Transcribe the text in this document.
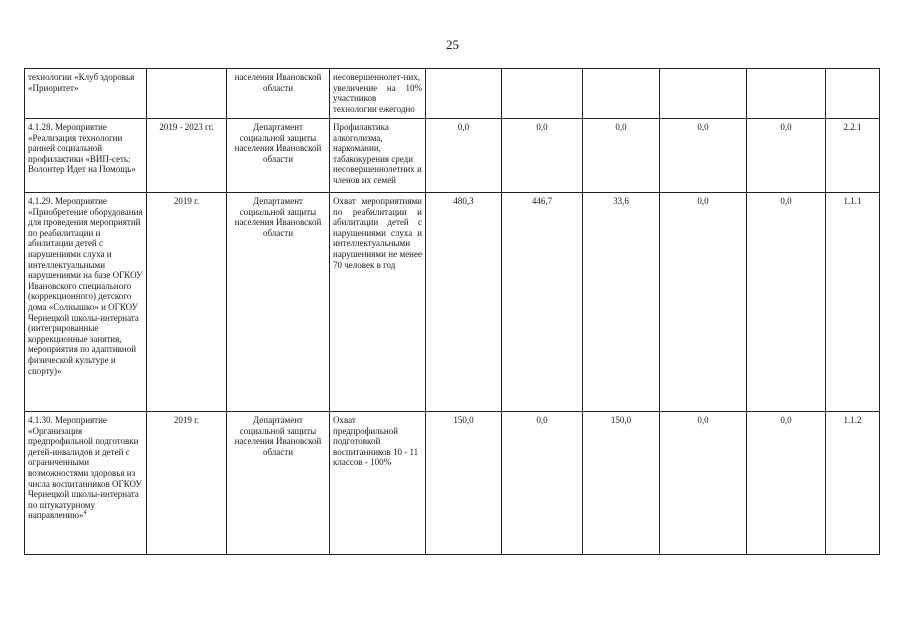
25
технологии «Клуб здоровья «Приоритет»		населения Ивановской области	несовершеннолет-них, увеличение на 10% участников технологии ежегодно						
4.1.28. Мероприятие «Реализация технологии ранней социальной профилактики «ВИП-сеть: Волонтер Идет на Помощь»	2019 - 2023 гг.	Департамент социальной защиты населения Ивановской области	Профилактика алкоголизма, наркомании, табакокурения среди несовершеннолетних и членов их семей	0,0	0,0	0,0	0,0	0,0	2.2.1
4.1.29. Мероприятие «Приобретение оборудования для проведения мероприятий по реабилитации и абилитации детей с нарушениями слуха и интеллектуальными нарушениями на базе ОГКОУ Ивановского специального (коррекционного) детского дома «Солнышко» и ОГКОУ Чернецкой школы-интерната (интегрированные коррекционные занятия, мероприятия по адаптивной физической культуре и спорту)»	2019 г.	Департамент социальной защиты населения Ивановской области	Охват мероприятиями по реабилитации и абилитации детей с нарушениями слуха и интеллектуальными нарушениями не менее 70 человек в год	480,3	446,7	33,6	0,0	0,0	1.1.1
4.1.30. Мероприятие «Организация предпрофильной подготовки детей-инвалидов и детей с ограниченными возможностями здоровья из числа воспитанников ОГКОУ Чернецкой школы-интерната по штукатурному направлению»$^4$	2019 г.	Департамент социальной защиты населения Ивановской области	Охват предпрофильной подготовкой воспитанников 10 - 11 классов - 100%	150,0	0,0	150,0	0,0	0,0	1.1.2
